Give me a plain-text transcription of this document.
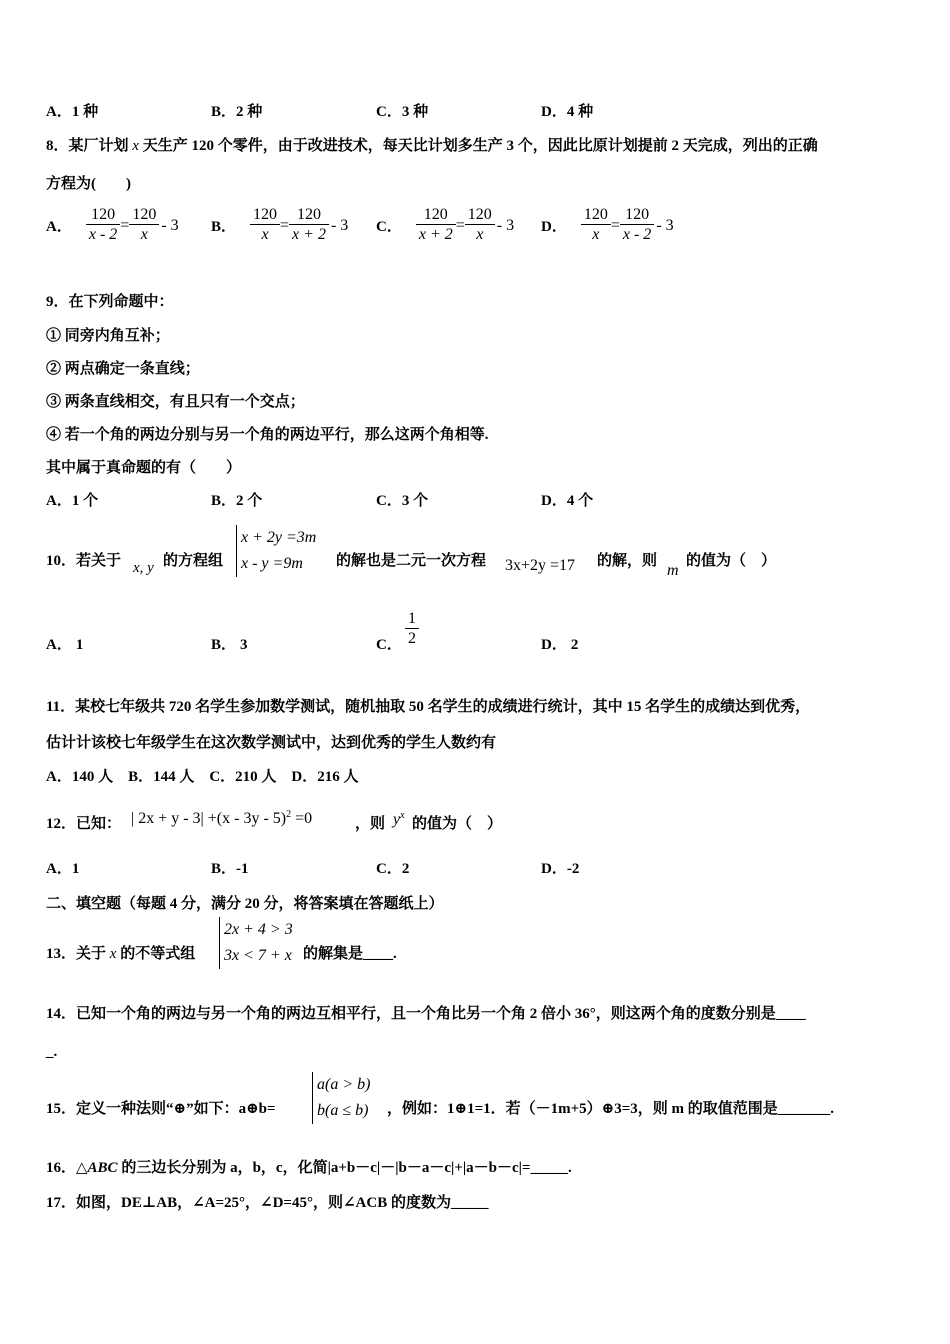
A．1 种	B．2 种	C．3 种	D．4 种
8．某厂计划 x 天生产 120 个零件，由于改进技术，每天比计划多生产 3 个，因此比原计划提前 2 天完成，列出的正确
方程为(　　)
A． $\frac{120}{x - 2} = \frac{120}{x} - 3$ B． $\frac{120}{x} = \frac{120}{x + 2} - 3$ C． $\frac{120}{x + 2} = \frac{120}{x} - 3$ D． $\frac{120}{x} = \frac{120}{x - 2} - 3$
9．在下列命题中：
① 同旁内角互补；
② 两点确定一条直线；
③ 两条直线相交，有且只有一个交点；
④ 若一个角的两边分别与另一个角的两边平行，那么这两个角相等.
其中属于真命题的有（　　）
A．1 个	B．2 个	C．3 个	D．4 个
10．若关于 x, y 的方程组
x + 2y =3m
x - y =9m	的解也是二元一次方程 3x+2y =17 的解，则
m
的值为（　）
A． 1	B． 3	C． $\frac{1}{2}$	D． 2
11．某校七年级共 720 名学生参加数学测试，随机抽取 50 名学生的成绩进行统计，其中 15 名学生的成绩达到优秀，
估计计该校七年级学生在这次数学测试中，达到优秀的学生人数约有
A．140 人　B．144 人　C．210 人　D．216 人
12．已知： | 2x + y - 3| +(x - 3y - 5)$^2$ =0	，则 $y^x$
的值为（　）
A．1	B．-1	C．2	D．-2
二、填空题（每题 4 分，满分 20 分，将答案填在答题纸上）
13．关于 x 的不等式组
2x + 4 > 3
3x < 7 + x 的解集是____.
14．已知一个角的两边与另一个角的两边互相平行，且一个角比另一个角 2 倍小 36°，则这两个角的度数分别是____
_.
15．定义一种法则“⊕”如下：a⊕b=
a(a > b)
b(a ≤ b) ，例如：1⊕1=1．若（－1m+5）⊕3=3，则 m 的取值范围是_______.
16．△ABC 的三边长分别为 a，b，c，化简|a+b－c|－|b－a－c|+|a－b－c|=_____.
17．如图，DE⊥AB，∠A=25°，∠D=45°，则∠ACB 的度数为_____
